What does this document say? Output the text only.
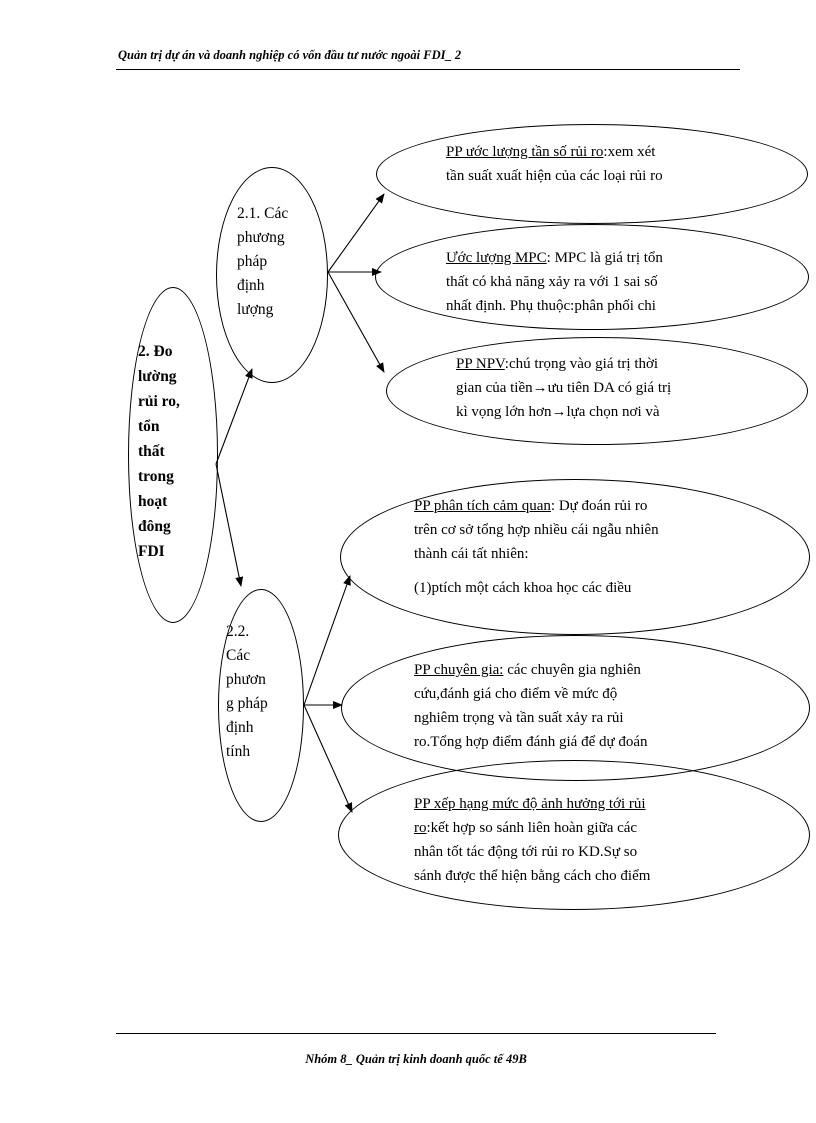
Quản trị dự án và doanh nghiệp có vốn đầu tư nước ngoài FDI_ 2

2. Đo

lường

rủi ro,

tổn

thất

trong

hoạt

đông

FDI

2.1. Các

phương

pháp

định

lượng

PP ước lượng tần số rủi ro:xem xét

tần suất xuất hiện của các loại rủi ro

Ước lượng MPC: MPC là giá trị tổn

thất có khả năng xảy ra với 1 sai số

nhất định. Phụ thuộc:phân phối chi

PP NPV:chú trọng vào giá trị thời

gian của tiền→ưu tiên DA có giá trị

kì vọng lớn hơn→lựa chọn nơi và

2.2.

Các

phươn

g pháp

định

tính

PP phân tích cảm quan: Dự đoán rủi ro

trên cơ sở tổng hợp nhiều cái ngẫu nhiên

thành cái tất nhiên:

(1)ptích một cách khoa học các điều

PP chuyên gia: các chuyên gia nghiên

cứu,đánh giá cho điểm về mức độ

nghiêm trọng và tần suất xảy ra rủi

ro.Tổng hợp điểm đánh giá để dự đoán

PP xếp hạng mức độ ảnh hưởng tới rủi

ro:kết hợp so sánh liên hoàn giữa các

nhân tốt tác động tới rủi ro KD.Sự so

sánh được thể hiện bằng cách cho điểm

Nhóm 8_ Quản trị kinh doanh quốc tế 49B
